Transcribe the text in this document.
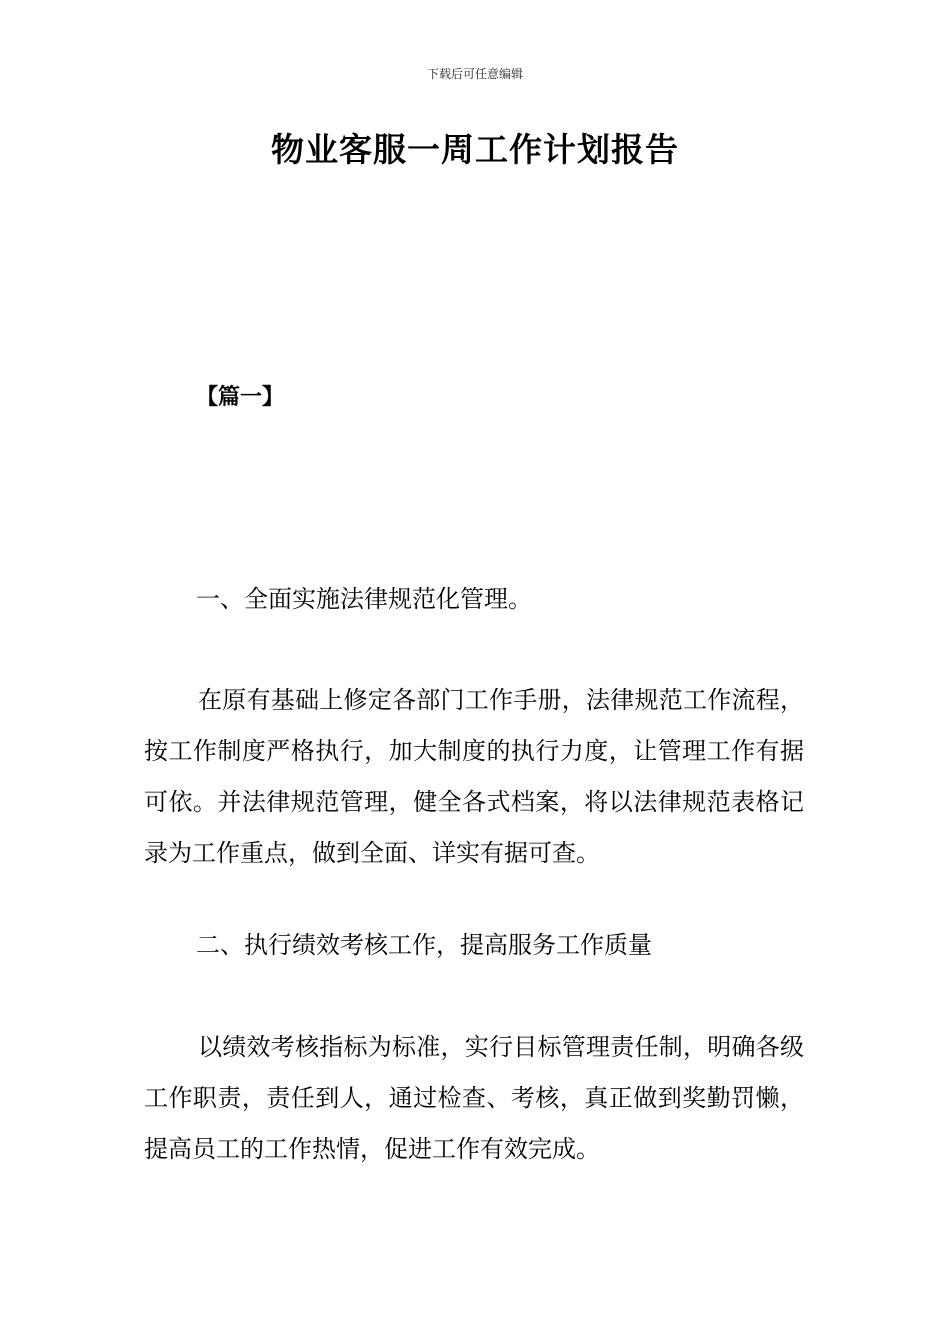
下载后可任意编辑
物业客服一周工作计划报告
【篇一】

一、全面实施法律规范化管理。

在原有基础上修定各部门工作手册，法律规范工作流程，按工作制度严格执行，加大制度的执行力度，让管理工作有据可依。并法律规范管理，健全各式档案，将以法律规范表格记录为工作重点，做到全面、详实有据可查。

二、执行绩效考核工作，提高服务工作质量

以绩效考核指标为标准，实行目标管理责任制，明确各级工作职责，责任到人，通过检查、考核，真正做到奖勤罚懒，提高员工的工作热情，促进工作有效完成。
